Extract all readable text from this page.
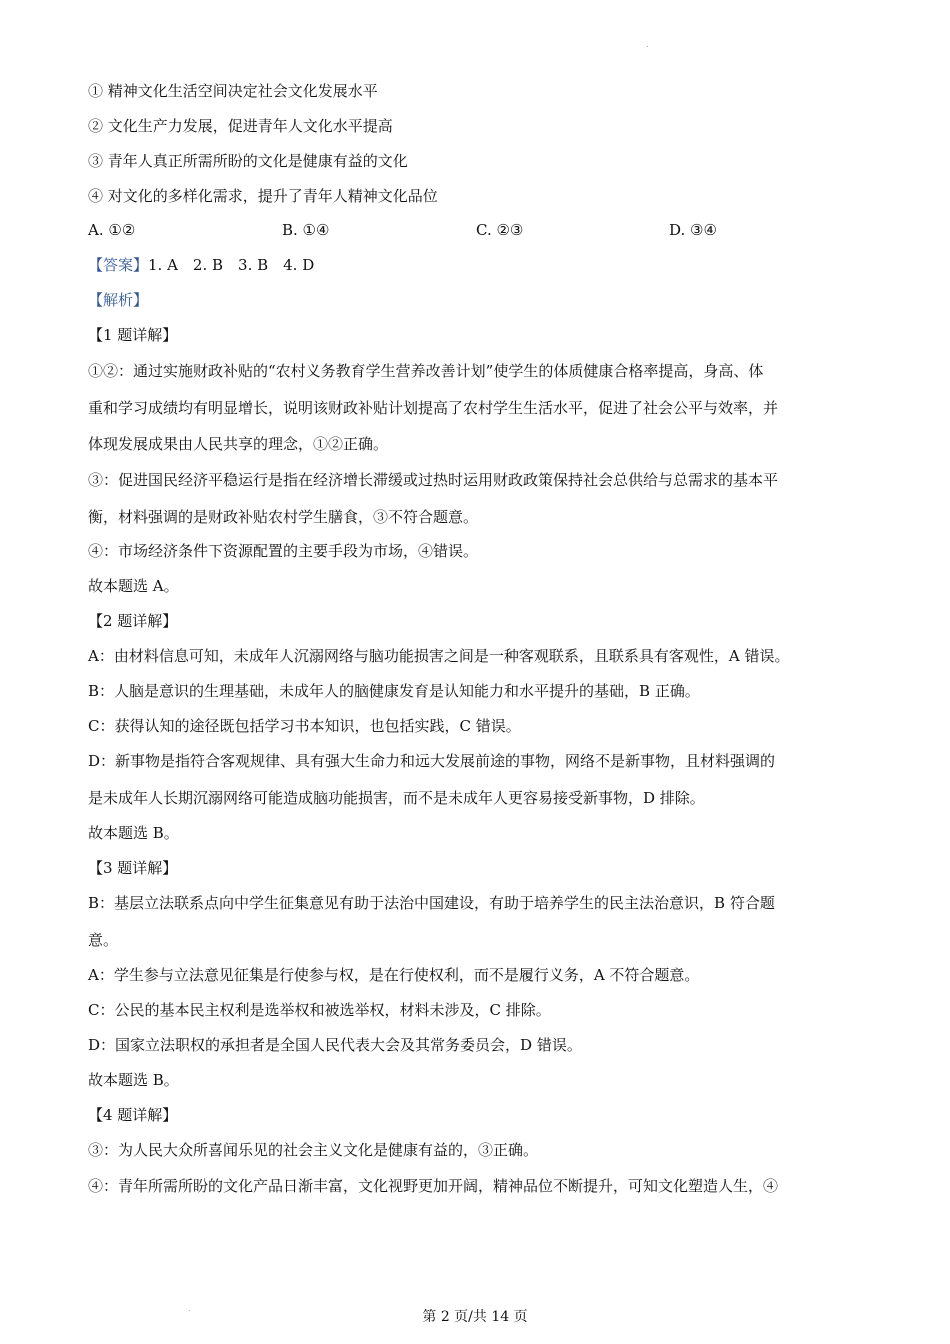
.
① 精神文化生活空间决定社会文化发展水平
② 文化生产力发展，促进青年人文化水平提高
③ 青年人真正所需所盼的文化是健康有益的文化
④ 对文化的多样化需求，提升了青年人精神文化品位
A. ①②	B. ①④	C. ②③	D. ③④
【答案】1. A　2. B　3. B　4. D
【解析】
【1 题详解】
①②：通过实施财政补贴的“农村义务教育学生营养改善计划”使学生的体质健康合格率提高，身高、体
重和学习成绩均有明显增长，说明该财政补贴计划提高了农村学生生活水平，促进了社会公平与效率，并
体现发展成果由人民共享的理念，①②正确。
③：促进国民经济平稳运行是指在经济增长滞缓或过热时运用财政政策保持社会总供给与总需求的基本平
衡，材料强调的是财政补贴农村学生膳食，③不符合题意。
④：市场经济条件下资源配置的主要手段为市场，④错误。
故本题选 A。
【2 题详解】
A：由材料信息可知，未成年人沉溺网络与脑功能损害之间是一种客观联系，且联系具有客观性，A 错误。
B：人脑是意识的生理基础，未成年人的脑健康发育是认知能力和水平提升的基础，B 正确。
C：获得认知的途径既包括学习书本知识，也包括实践，C 错误。
D：新事物是指符合客观规律、具有强大生命力和远大发展前途的事物，网络不是新事物，且材料强调的
是未成年人长期沉溺网络可能造成脑功能损害，而不是未成年人更容易接受新事物，D 排除。
故本题选 B。
【3 题详解】
B：基层立法联系点向中学生征集意见有助于法治中国建设，有助于培养学生的民主法治意识，B 符合题
意。
A：学生参与立法意见征集是行使参与权，是在行使权利，而不是履行义务，A 不符合题意。
C：公民的基本民主权利是选举权和被选举权，材料未涉及，C 排除。
D：国家立法职权的承担者是全国人民代表大会及其常务委员会，D 错误。
故本题选 B。
【4 题详解】
③：为人民大众所喜闻乐见的社会主义文化是健康有益的，③正确。
④：青年所需所盼的文化产品日渐丰富，文化视野更加开阔，精神品位不断提升，可知文化塑造人生，④
.
第 2 页/共 14 页
